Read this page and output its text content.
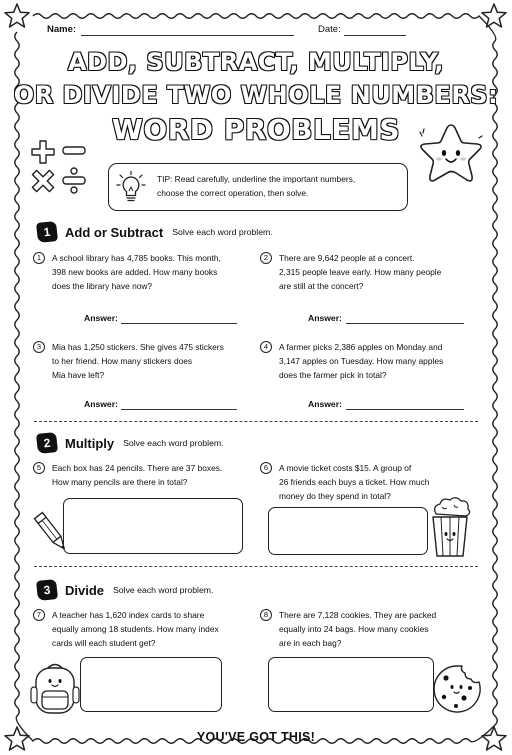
Name:	Date:
ADD, SUBTRACT, MULTIPLY,
OR DIVIDE TWO WHOLE NUMBERS:
WORD PROBLEMS
TIP: Read carefully, underline the important numbers,
choose the correct operation, then solve.
1	Add or Subtract Solve each word problem.
1	A school library has 4,785 books. This month,
398 new books are added. How many books
does the library have now?
2	There are 9,642 people at a concert.
2,315 people leave early. How many people
are still at the concert?
Answer:	Answer:
3	Mia has 1,250 stickers. She gives 475 stickers
to her friend. How many stickers does
Mia have left?
4	A farmer picks 2,386 apples on Monday and
3,147 apples on Tuesday. How many apples
does the farmer pick in total?
Answer:	Answer:
2	Multiply Solve each word problem.
5	Each box has 24 pencils. There are 37 boxes.
How many pencils are there in total?
6	A movie ticket costs $15. A group of
26 friends each buys a ticket. How much
money do they spend in total?
3	Divide Solve each word problem.
7	A teacher has 1,620 index cards to share
equally among 18 students. How many index
cards will each student get?
8	There are 7,128 cookies. They are packed
equally into 24 bags. How many cookies
are in each bag?
YOU'VE GOT THIS!
